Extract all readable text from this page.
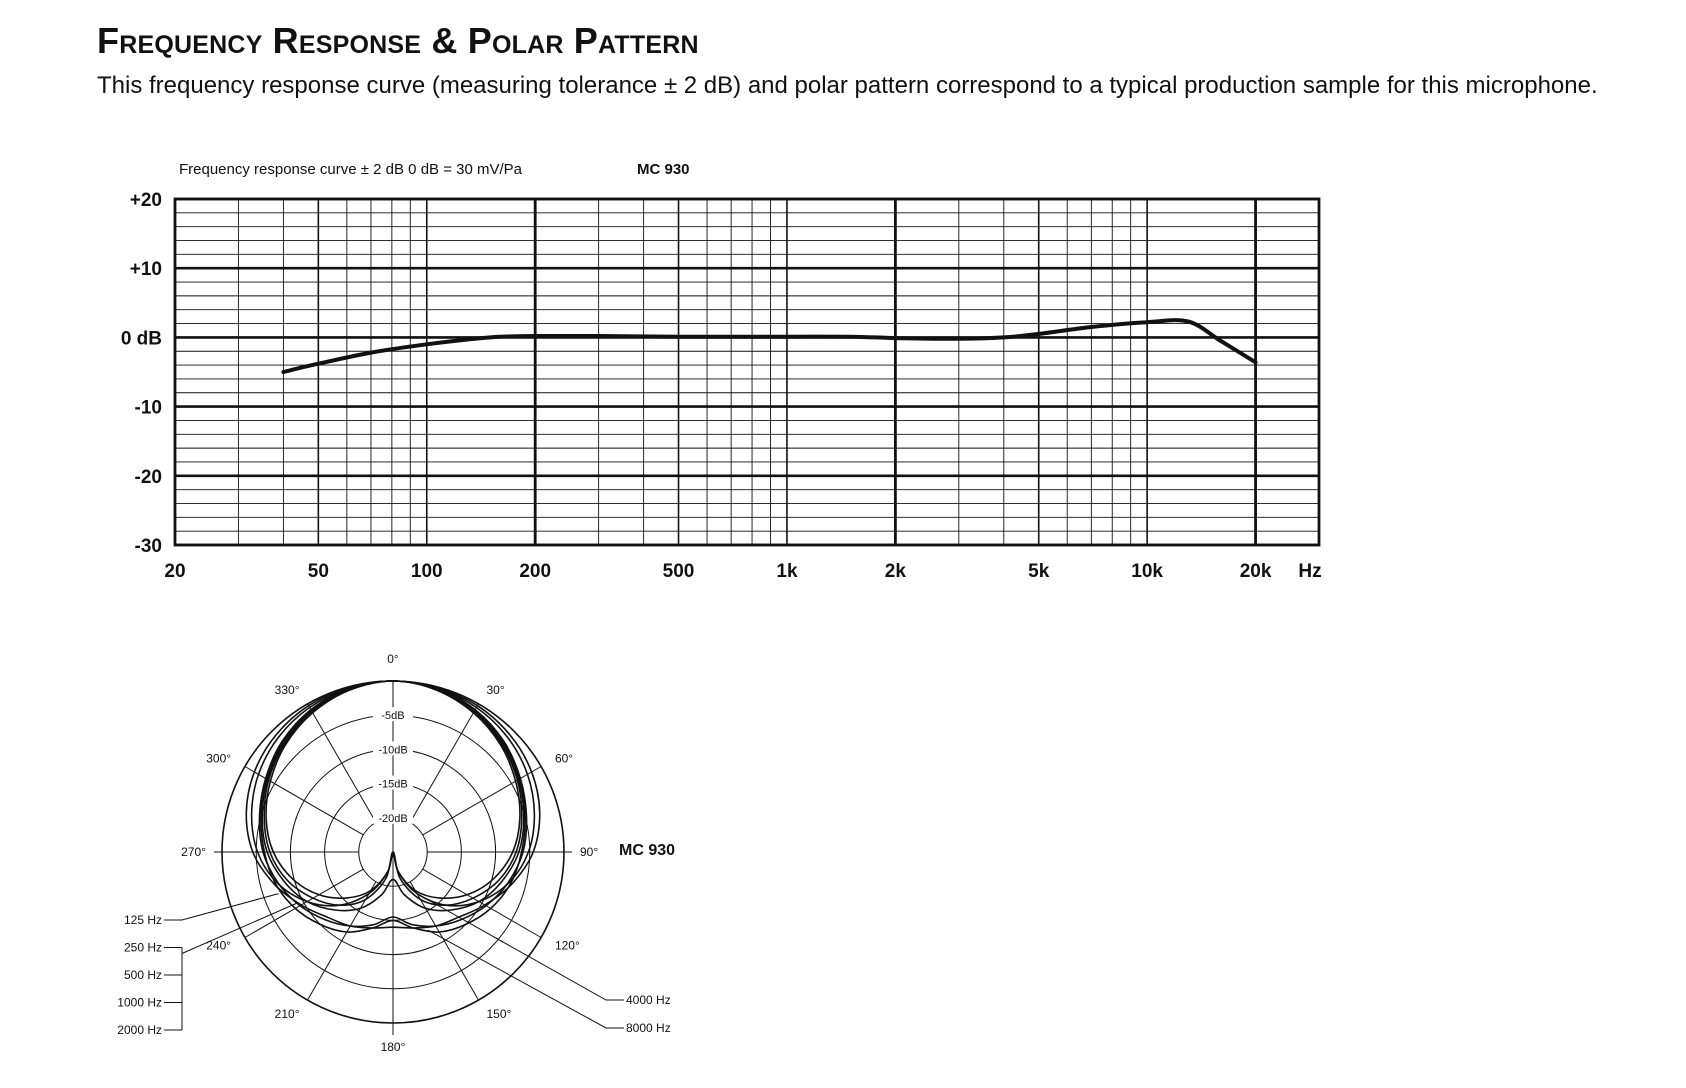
Frequency Response & Polar Pattern

This frequency response curve (measuring tolerance ± 2 dB) and polar pattern correspond to a typical production sample for this microphone.

Frequency response curve ± 2 dB 0 dB = 30 mV/Pa	MC 930
+20
+10
0 dB
-10
-20
-30
20	50	100	200	500	1k	2k	5k	10k	20k Hz
-5dB
-10dB
-15dB
-20dB
0°
30°
60°
90°
120°
150°
180°
210°
240°
270°
300°
330°
125 Hz
250 Hz
500 Hz
1000 Hz
2000 Hz
4000 Hz
8000 Hz
MC 930
